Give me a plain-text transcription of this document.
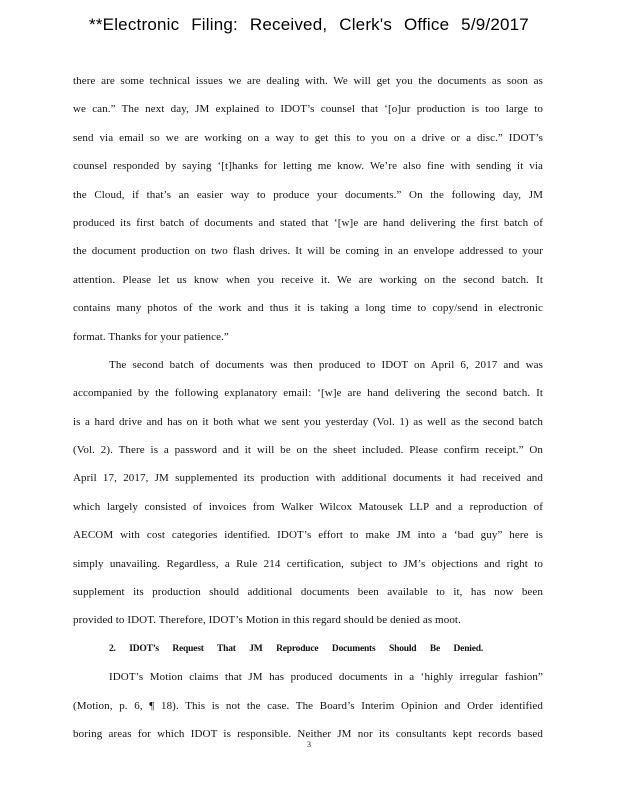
**Electronic Filing: Received, Clerk's Office 5/9/2017
there are some technical issues we are dealing with. We will get you the documents as soon as
we can.” The next day, JM explained to IDOT’s counsel that ‘[o]ur production is too large to
send via email so we are working on a way to get this to you on a drive or a disc.” IDOT’s
counsel responded by saying ‘[t]hanks for letting me know. We’re also fine with sending it via
the Cloud, if that’s an easier way to produce your documents.” On the following day, JM
produced its first batch of documents and stated that ‘[w]e are hand delivering the first batch of
the document production on two flash drives. It will be coming in an envelope addressed to your
attention. Please let us know when you receive it. We are working on the second batch. It
contains many photos of the work and thus it is taking a long time to copy/send in electronic
format. Thanks for your patience.”
The second batch of documents was then produced to IDOT on April 6, 2017 and was
accompanied by the following explanatory email: ‘[w]e are hand delivering the second batch. It
is a hard drive and has on it both what we sent you yesterday (Vol. 1) as well as the second batch
(Vol. 2). There is a password and it will be on the sheet included. Please confirm receipt.” On
April 17, 2017, JM supplemented its production with additional documents it had received and
which largely consisted of invoices from Walker Wilcox Matousek LLP and a reproduction of
AECOM with cost categories identified. IDOT’s effort to make JM into a ‘bad guy” here is
simply unavailing. Regardless, a Rule 214 certification, subject to JM’s objections and right to
supplement its production should additional documents been available to it, has now been
provided to IDOT. Therefore, IDOT’s Motion in this regard should be denied as moot.
2. IDOT’s Request That JM Reproduce Documents Should Be Denied.
IDOT’s Motion claims that JM has produced documents in a ‘highly irregular fashion”
(Motion, p. 6, ¶ 18). This is not the case. The Board’s Interim Opinion and Order identified
boring areas for which IDOT is responsible. Neither JM nor its consultants kept records based
3
